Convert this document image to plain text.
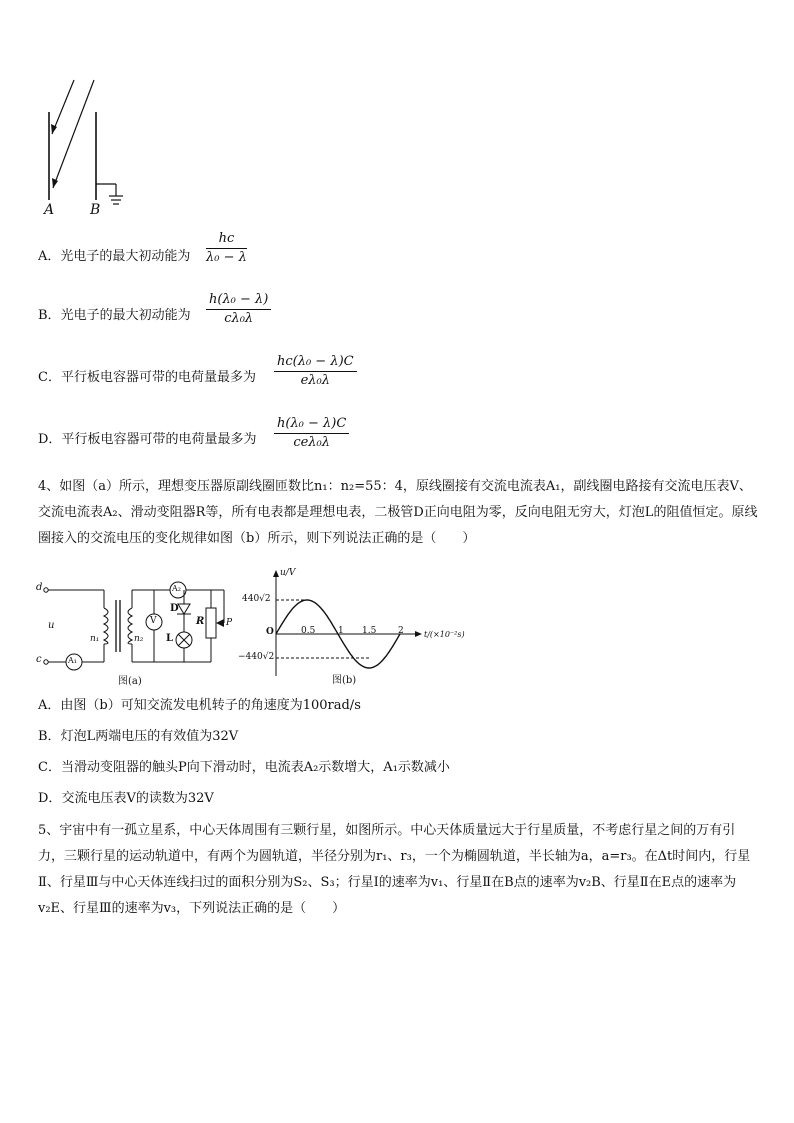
A	B
A．光电子的最大初动能为 $\frac{hc}{\text{λ₀ − λ}}$
B．光电子的最大初动能为 $\frac{\text{h(λ₀ − λ)}}{\text{cλ₀λ}}$
C．平行板电容器可带的电荷量最多为 $\frac{\text{hc(λ₀ − λ)C}}{\text{eλ₀λ}}$
D．平行板电容器可带的电荷量最多为
h(λ₀ − λ)C
ceλ₀λ
4、如图（a）所示，理想变压器原副线圈匝数比n₁：n₂=55：4，原线圈接有交流电流表A₁，副线圈电路接有交流电压表V、交流电流表A₂、滑动变阻器R等，所有电表都是理想电表，二极管D正向电阻为零，反向电阻无穷大，灯泡L的阻值恒定。原线圈接入的交流电压的变化规律如图（b）所示，则下列说法正确的是（　　）
d
c
u
A₁
n₁	n₂
A₂
V
D
L
R P
图(a)
u/V
440√2
−440√2
O	0.5	1 1.5 2	t/(×10⁻²s)
图(b)
A．由图（b）可知交流发电机转子的角速度为100rad/s
B．灯泡L两端电压的有效值为32V
C．当滑动变阻器的触头P向下滑动时，电流表A₂示数增大，A₁示数减小
D．交流电压表V的读数为32V
5、宇宙中有一孤立星系，中心天体周围有三颗行星，如图所示。中心天体质量远大于行星质量，不考虑行星之间的万有引力，三颗行星的运动轨道中，有两个为圆轨道，半径分别为r₁、r₃，一个为椭圆轨道，半长轴为a，a=r₃。在Δt时间内，行星Ⅱ、行星Ⅲ与中心天体连线扫过的面积分别为S₂、S₃；行星Ⅰ的速率为v₁、行星Ⅱ在B点的速率为v₂B、行星Ⅱ在E点的速率为v₂E、行星Ⅲ的速率为v₃，下列说法正确的是（　　）
